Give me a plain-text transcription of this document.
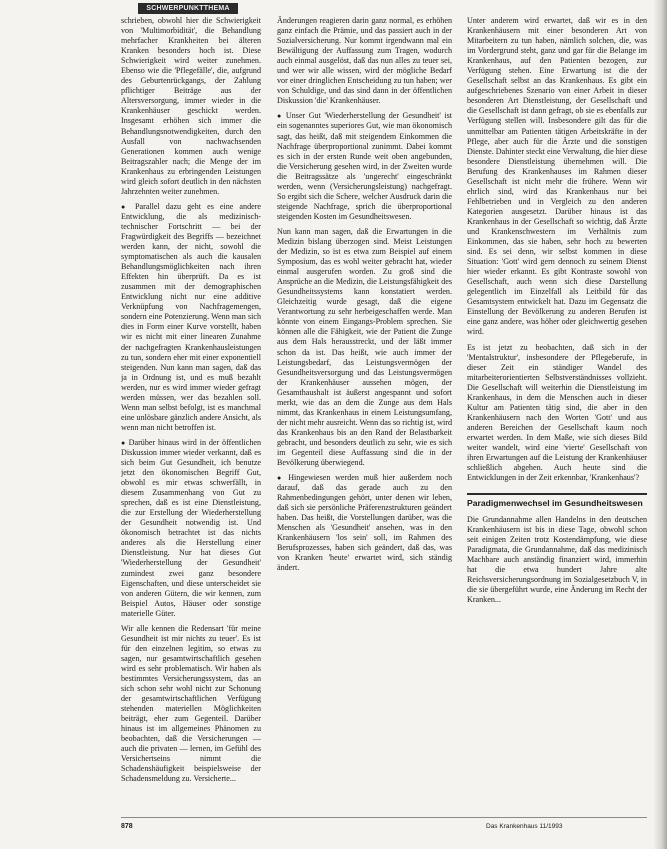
SCHWERPUNKTTHEMA

schrieben, obwohl hier die Schwierigkeit von 'Multimorbidität', die Behandlung mehrfacher Krankheiten bei älteren Kranken besonders hoch ist. Diese Schwierigkeit wird weiter zunehmen. Ebenso wie die 'Pflegefälle', die, aufgrund des Geburtenrückgangs, der Zahlung pflichtiger Beiträge aus der Altersversorgung, immer wieder in die Krankenhäuser geschickt werden. Insgesamt erhöhen sich immer die Behandlungsnotwendigkeiten, durch den Ausfall von nachwachsenden Generationen kommen auch wenige Beitragszahler nach; die Menge der im Krankenhaus zu erbringenden Leistungen wird gleich sofort deutlich in den nächsten Jahrzehnten weiter zunehmen.

● Parallel dazu geht es eine andere Entwicklung, die als medizinisch-technischer Fortschritt — bei der Fragwürdigkeit des Begriffs — bezeichnet werden kann, der nicht, sowohl die symptomatischen als auch die kausalen Behandlungsmöglichkeiten nach ihren Effekten hin überprüft. Da es ist zusammen mit der demographischen Entwicklung nicht nur eine additive Verknüpfung von Nachfragemengen, sondern eine Potenzierung. Wenn man sich dies in Form einer Kurve vorstellt, haben wir es nicht mit einer linearen Zunahme der nachgefragten Krankenhausleistungen zu tun, sondern eher mit einer exponentiell steigenden. Nun kann man sagen, daß das ja in Ordnung ist, und es muß bezahlt werden, nur es wird immer wieder gefragt werden müssen, wer das bezahlen soll. Wenn man selbst befolgt, ist es manchmal eine unlösbare gänzlich andere Ansicht, als wenn man nicht betroffen ist.

● Darüber hinaus wird in der öffentlichen Diskussion immer wieder verkannt, daß es sich beim Gut Gesundheit, ich benutze jetzt den ökonomischen Begriff Gut, obwohl es mir etwas schwerfällt, in diesem Zusammenhang von Gut zu sprechen, daß es ist eine Dienstleistung, die zur Erstellung der Wiederherstellung der Gesundheit notwendig ist. Und ökonomisch betrachtet ist das nichts anderes als die Herstellung einer Dienstleistung. Nur hat dieses Gut 'Wiederherstellung der Gesundheit' zumindest zwei ganz besondere Eigenschaften, und diese unterscheidet sie von anderen Gütern, die wir kennen, zum Beispiel Autos, Häuser oder sonstige materielle Güter.

Wir alle kennen die Redensart 'für meine Gesundheit ist mir nichts zu teuer'. Es ist für den einzelnen legitim, so etwas zu sagen, nur gesamtwirtschaftlich gesehen wird es sehr problematisch. Wir haben als bestimmtes Versicherungssystem, das an sich schon sehr wohl nicht zur Schonung der gesamtwirtschaftlichen Verfügung stehenden materiellen Möglichkeiten beiträgt, eher zum Gegenteil. Darüber hinaus ist im allgemeines Phänomen zu beobachten, daß die Versicherungen — auch die privaten — lernen, im Gefühl des Versichertseins nimmt die Schadenshäufigkeit beispielsweise der Schadensmeldung zu. Versicherte...

Änderungen reagieren darin ganz normal, es erhöhen ganz einfach die Prämie, und das passiert auch in der Sozialversicherung. Nur kommt irgendwann mal ein Bewältigung der Auffassung zum Tragen, wodurch auch einmal ausgelöst, daß das nun alles zu teuer sei, und wer wir alle wissen, wird der mögliche Bedarf vor einer dringlichen Entscheidung zu tun haben; wer von Schuldige, und das sind dann in der öffentlichen Diskussion 'die' Krankenhäuser.

● Unser Gut 'Wiederherstellung der Gesundheit' ist ein sogenanntes superiores Gut, wie man ökonomisch sagt, das heißt, daß mit steigendem Einkommen die Nachfrage überproportional zunimmt. Dabei kommt es sich in der ersten Runde weit oben angebunden, die Versicherung gesehen wird, in der Zweiten wurde die Beitragssätze als 'ungerecht' eingeschränkt werden, wenn (Versicherungsleistung) nachgefragt. So ergibt sich die Schere, welcher Ausdruck darin die steigende Nachfrage, sprich die überproportional steigenden Kosten im Gesundheitswesen.

Nun kann man sagen, daß die Erwartungen in die Medizin bislang überzogen sind. Meist Leistungen der Medizin, so ist es etwa zum Beispiel auf einem Symposium, das es wohl weiter gebracht hat, wieder einmal ausgerufen worden. Zu groß sind die Ansprüche an die Medizin, die Leistungsfähigkeit des Gesundheitssystems kann konstatiert werden. Gleichzeitig wurde gesagt, daß die eigene Verantwortung zu sehr herbeigeschaffen werde. Man könnte von einem Eingangs-Problem sprechen. Sie können alle die Fähigkeit, wie der Patient die Zunge aus dem Hals herausstreckt, und der läßt immer schon da ist. Das heißt, wie auch immer der Leistungsbedarf, das Leistungsvermögen der Gesundheitsversorgung und das Leistungsvermögen der Krankenhäuser aussehen mögen, der Gesamthaushalt ist äußerst angespannt und sofort merkt, wie das an dem die Zunge aus dem Hals nimmt, das Krankenhaus in einem Leistungsumfang, der nicht mehr ausreicht. Wenn das so richtig ist, wird das Krankenhaus bis an den Rand der Belastbarkeit gebracht, und besonders deutlich zu sehr, wie es sich im Gegenteil diese Auffassung sind die in der Bevölkerung überwiegend.

● Hingewiesen werden muß hier außerdem noch darauf, daß das gerade auch zu den Rahmenbedingungen gehört, unter denen wir leben, daß sich sie persönliche Präferenzstrukturen geändert haben. Das heißt, die Vorstellungen darüber, was die Menschen als 'Gesundheit' ansehen, was in den Krankenhäusern 'los sein' soll, im Rahmen des Berufsprozesses, haben sich geändert, daß das, was von Kranken 'heute' erwartet wird, sich ständig ändert.

Unter anderem wird erwartet, daß wir es in den Krankenhäusern mit einer besonderen Art von Mitarbeitern zu tun haben, nämlich solchen, die, was im Vordergrund steht, ganz und gar für die Belange im Krankenhaus, auf den Patienten bezogen, zur Verfügung stehen. Eine Erwartung ist die der Gesellschaft selbst an das Krankenhaus. Es gibt ein aufgeschriebenes Szenario von einer Arbeit in dieser besonderen Art Dienstleistung, der Gesellschaft und die Gesellschaft ist dann gefragt, ob sie es ebenfalls zur Verfügung stellen will. Insbesondere gilt das für die unmittelbar am Patienten tätigen Arbeitskräfte in der Pflege, aber auch für die Ärzte und die sonstigen Dienste. Dahinter steckt eine Verwaltung, die hier diese besondere Dienstleistung übernehmen will. Die Berufung des Krankenhauses im Rahmen dieser Gesellschaft ist nicht mehr die frühere. Wenn wir ehrlich sind, wird das Krankenhaus nur bei Fehlbetrieben und in Vergleich zu den anderen Kategorien ausgesetzt. Darüber hinaus ist das Krankenhaus in der Gesellschaft so wichtig, daß Ärzte und Krankenschwestern im Verhältnis zum Einkommen, das sie haben, sehr hoch zu bewerten sind. Es sei denn, wir selbst kommen in diese Situation: 'Gott' wird gern dennoch zu seinem Dienst hier wieder erkannt. Es gibt Kontraste sowohl von Gesellschaft, auch wenn sich diese Darstellung gelegentlich im Einzelfall als Leitbild für das Gesamtsystem entwickelt hat. Dazu im Gegensatz die Einstellung der Bevölkerung zu anderen Berufen ist eine ganz andere, was höher oder gleichwertig gesehen wird.

Es ist jetzt zu beobachten, daß sich in der 'Mentalstruktur', insbesondere der Pflegeberufe, in dieser Zeit ein ständiger Wandel des mitarbeiterorientierten Selbstverständnisses vollzieht. Die Gesellschaft will weiterhin die Dienstleistung im Krankenhaus, in dem die Menschen auch in dieser Kultur am Patienten tätig sind, die aber in den Krankenhäusern nach den Worten 'Gott' und aus anderen Bereichen der Gesellschaft kaum noch erwartet werden. In dem Maße, wie sich dieses Bild weiter wandelt, wird eine 'vierte' Gesellschaft von ihren Erwartungen auf die Leistung der Krankenhäuser schließlich abgehen. Auch heute sind die Entwicklungen in der Zeit erkennbar, 'Krankenhaus'?

Paradigmenwechsel im Gesundheitswesen

Die Grundannahme allen Handelns in den deutschen Krankenhäusern ist bis in diese Tage, obwohl schon seit einigen Zeiten trotz Kostendämpfung, wie diese Paradigmata, die Grundannahme, daß das medizinisch Machbare auch anständig finanziert wird, immerhin hat die etwa hundert Jahre alte Reichsversicherungsordnung im Sozialgesetzbuch V, in die sie übergeführt wurde, eine Änderung im Recht der Kranken...

878	Das Krankenhaus 11/1993
